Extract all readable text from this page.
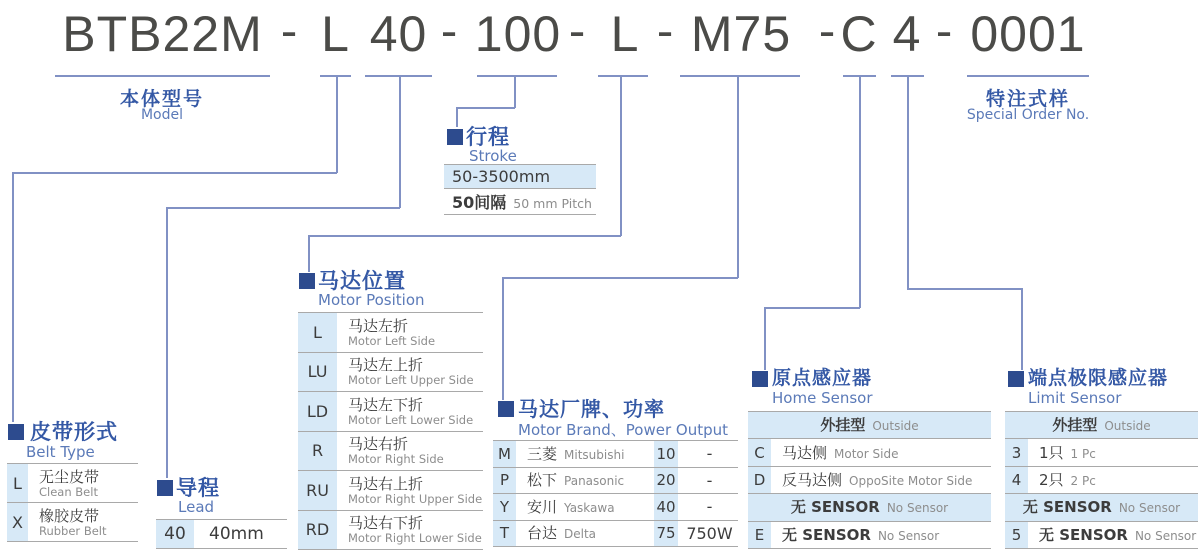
BTB22M - L 40 - 100 - L - M75 - C 4 - 0001
本体型号
Model
特注式样
Special Order No.
行程
Stroke
50-3500mm
50间隔 50 mm Pitch
皮带形式
Belt Type
L	无尘皮带
Clean Belt
X	橡胶皮带
Rubber Belt
导程
Lead
40	40mm
马达位置
Motor Position
L	马达左折
Motor Left Side
LU	马达左上折
Motor Left Upper Side
LD	马达左下折
Motor Left Lower Side
R	马达右折
Motor Right Side
RU	马达右上折
Motor Right Upper Side
RD	马达右下折
Motor Right Lower Side
马达厂牌、功率
Motor Brand、Power Output
M	三菱 Mitsubishi	10	-
P	松下 Panasonic	20	-
Y	安川 Yaskawa	40	-
T	台达 Delta	75 750W
原点感应器
Home Sensor
外挂型 Outside
C	马达侧 Motor Side
D	反马达侧 OppoSite Motor Side
无 SENSOR No Sensor
E	无 SENSOR No Sensor
端点极限感应器
Limit Sensor
外挂型 Outside
3	1只 1 Pc
4	2只 2 Pc
无 SENSOR No Sensor
5	无 SENSOR No Sensor
